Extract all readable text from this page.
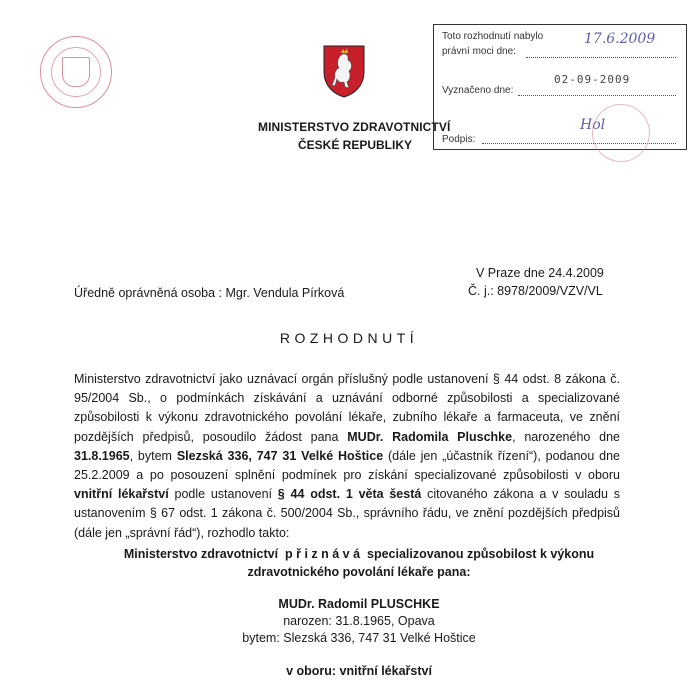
MINISTERSTVO ZDRAVOTNICTVÍ
ČESKÉ REPUBLIKY
Toto rozhodnutí nabylo
právní moci dne:
17.6.2009
02-09-2009
Vyznačeno dne:
Podpis:
Hol
V Praze dne 24.4.2009
Č. j.: 8978/2009/VZV/VL
Úředně oprávněná osoba : Mgr. Vendula Pírková
ROZHODNUTÍ
Ministerstvo zdravotnictví jako uznávací orgán příslušný podle ustanovení § 44 odst. 8 zákona č. 95/2004 Sb., o podmínkách získávání a uznávání odborné způsobilosti a specializované způsobilosti k výkonu zdravotnického povolání lékaře, zubního lékaře a farmaceuta, ve znění pozdějších předpisů, posoudilo žádost pana MUDr. Radomila Pluschke, narozeného dne 31.8.1965, bytem Slezská 336, 747 31 Velké Hoštice (dále jen „účastník řízení“), podanou dne 25.2.2009 a po posouzení splnění podmínek pro získání specializované způsobilosti v oboru vnitřní lékařství podle ustanovení § 44 odst. 1 věta šestá citovaného zákona a v souladu s ustanovením § 67 odst. 1 zákona č. 500/2004 Sb., správního řádu, ve znění pozdějších předpisů (dále jen „správní řád“), rozhodlo takto:
Ministerstvo zdravotnictví p ř i z n á v á specializovanou způsobilost k výkonu
zdravotnického povolání lékaře pana:
MUDr. Radomil PLUSCHKE
narozen: 31.8.1965, Opava
bytem: Slezská 336, 747 31 Velké Hoštice
v oboru: vnitřní lékařství
